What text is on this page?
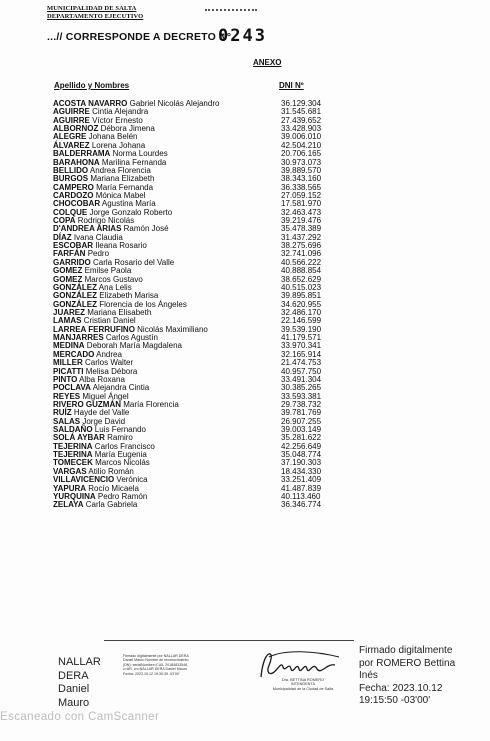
MUNICIPALIDAD DE SALTA
DEPARTAMENTO EJECUTIVO
...// CORRESPONDE A DECRETO N°
0243
ANEXO
Apellido y Nombres	DNI Nº
ACOSTA NAVARRO Gabriel Nicolás Alejandro	36.129.304
AGUIRRE Cintia Alejandra	31.545.681
AGUIRRE Víctor Ernesto	27.439.652
ALBORNOZ Débora Jimena	33.428.903
ALEGRE Johana Belén	39.006.010
ÁLVAREZ Lorena Johana	42.504.210
BALDERRAMA Norma Lourdes	20.706.165
BARAHONA Marilina Fernanda	30.973.073
BELLIDO Andrea Florencia	39.889.570
BURGOS Mariana Elizabeth	38.343.160
CAMPERO María Fernanda	36.338.565
CARDOZO Mónica Mabel	27.059.152
CHOCOBAR Agustina María	17.581.970
COLQUE Jorge Gonzalo Roberto	32.463.473
COPA Rodrigo Nicolás	39.219.476
D'ANDREA ARIAS Ramón José	35.478.389
DÍAZ Ivana Claudia	31.437.292
ESCOBAR Ileana Rosario	38.275.696
FARFÁN Pedro	32.741.096
GARRIDO Carla Rosario del Valle	40.566.222
GOMEZ Emilse Paola	40.888.854
GOMEZ Marcos Gustavo	38.652.629
GONZÁLEZ Ana Lelis	40.515.023
GONZÁLEZ Elizabeth Marisa	39.895.851
GONZÁLEZ Florencia de los Ángeles	34.620.955
JUAREZ Mariana Elisabeth	32.486.170
LAMAS Cristian Daniel	22.146.599
LARREA FERRUFINO Nicolás Maximiliano	39.539.190
MANJARRES Carlos Agustín	41.179.571
MEDINA Deborah María Magdalena	33.970.341
MERCADO Andrea	32.165.914
MILLER Carlos Walter	21.474.753
PICATTI Melisa Débora	40.957.750
PINTO Alba Roxana	33.491.304
POCLAVA Alejandra Cintia	30.385.265
REYES Miguel Ángel	33.593.381
RIVERO GUZMÁN María Florencia	29.738.732
RUÍZ Hayde del Valle	39.781.769
SALAS Jorge David	26.907.255
SALDAÑO Luis Fernando	39.003.149
SOLÁ AYBAR Ramiro	35.281.622
TEJERINA Carlos Francisco	42.256.649
TEJERINA María Eugenia	35.048.774
TOMECEK Marcos Nicolás	37.190.303
VARGAS Atilio Román	18.434.330
VILLAVICENCIO Verónica	33.251.409
YAPURA Rocío Micaela	41.487.839
YURQUINA Pedro Ramón	40.113.460
ZELAYA Carla Gabriela	36.346.774
NALLAR
DERA
Daniel
Mauro
Firmado digitalmente por NALLAR DERA Daniel Mauro Nombre de reconocimiento (DN): serialNumber=CUIL 20184833546, c=AR, cn=NALLAR DERA Daniel Mauro Fecha: 2023.10.12 19:30:39 -03'00'
Dra. BETTINA ROMERO
INTENDENTA
Municipalidad de la Ciudad de Salta
Firmado digitalmente
por ROMERO Bettina
Inés
Fecha: 2023.10.12
19:15:50 -03'00'
Escaneado con CamScanner
